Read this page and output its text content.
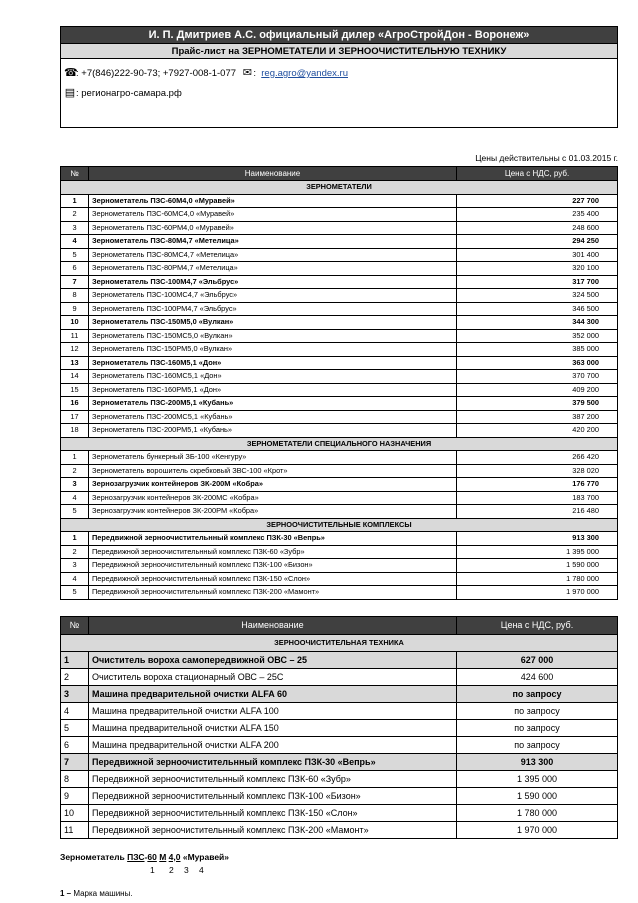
И. П. Дмитриев А.С. официальный дилер «АгроСтройДон - Воронеж»
Прайс-лист на ЗЕРНОМЕТАТЕЛИ И ЗЕРНООЧИСТИТЕЛЬНУЮ ТЕХНИКУ

☎: +7(846)222-90-73; +7927-008-1-077 ✉: reg.agro@yandex.ru
▤: регионагро-самара.рф
Цены действительны с 01.03.2015 г.
№	Наименование	Цена с НДС, руб.
ЗЕРНОМЕТАТЕЛИ		
1	Зернометатель ПЗС-60М4,0 «Муравей»	227 700
2	Зернометатель ПЗС-60МС4,0 «Муравей»	235 400
3	Зернометатель ПЗС-60РМ4,0 «Муравей»	248 600
4	Зернометатель ПЗС-80М4,7 «Метелица»	294 250
5	Зернометатель ПЗС-80МС4,7 «Метелица»	301 400
6	Зернометатель ПЗС-80РМ4,7 «Метелица»	320 100
7	Зернометатель ПЗС-100М4,7 «Эльбрус»	317 700
8	Зернометатель ПЗС-100МС4,7 «Эльбрус»	324 500
9	Зернометатель ПЗС-100РМ4,7 «Эльбрус»	346 500
10	Зернометатель ПЗС-150М5,0 «Вулкан»	344 300
11	Зернометатель ПЗС-150МС5,0 «Вулкан»	352 000
12	Зернометатель ПЗС-150РМ5,0 «Вулкан»	385 000
13	Зернометатель ПЗС-160М5,1 «Дон»	363 000
14	Зернометатель ПЗС-160МС5,1 «Дон»	370 700
15	Зернометатель ПЗС-160РМ5,1 «Дон»	409 200
16	Зернометатель ПЗС-200М5,1 «Кубань»	379 500
17	Зернометатель ПЗС-200МС5,1 «Кубань»	387 200
18	Зернометатель ПЗС-200РМ5,1 «Кубань»	420 200
ЗЕРНОМЕТАТЕЛИ СПЕЦИАЛЬНОГО НАЗНАЧЕНИЯ		
1	Зернометатель бункерный ЗБ-100 «Кенгуру»	266 420
2	Зернометатель ворошитель скребковый ЗВС-100 «Крот»	328 020
3	Зернозагрузчик контейнеров ЗК-200М «Кобра»	176 770
4	Зернозагрузчик контейнеров ЗК-200МС «Кобра»	183 700
5	Зернозагрузчик контейнеров ЗК-200РМ «Кобра»	216 480
ЗЕРНООЧИСТИТЕЛЬНЫЕ КОМПЛЕКСЫ		
1	Передвижной зерноочистительнный комплекс ПЗК-30 «Вепрь»	913 300
2	Передвижной зерноочистительнный комплекс ПЗК-60 «Зубр»	1 395 000
3	Передвижной зерноочистительнный комплекс ПЗК-100 «Бизон»	1 590 000
4	Передвижной зерноочистительнный комплекс ПЗК-150 «Слон»	1 780 000
5	Передвижной зерноочистительнный комплекс ПЗК-200 «Мамонт»	1 970 000
№	Наименование	Цена с НДС, руб.
ЗЕРНООЧИСТИТЕЛЬНАЯ ТЕХНИКА		
1	Очиститель вороха самопередвижной ОВС – 25	627 000
2	Очиститель вороха стационарный ОВС – 25С	424 600
3	Машина предварительной очистки ALFA 60	по запросу
4	Машина предварительной очистки ALFA 100	по запросу
5	Машина предварительной очистки ALFA 150	по запросу
6	Машина предварительной очистки ALFA 200	по запросу
7	Передвижной зерноочистительнный комплекс ПЗК-30 «Вепрь»	913 300
8	Передвижной зерноочистительнный комплекс ПЗК-60 «Зубр»	1 395 000
9	Передвижной зерноочистительнный комплекс ПЗК-100 «Бизон»	1 590 000
10	Передвижной зерноочистительнный комплекс ПЗК-150 «Слон»	1 780 000
11	Передвижной зерноочистительнный комплекс ПЗК-200 «Мамонт»	1 970 000
Зернометатель ПЗС-60 М 4,0 «Муравей»
1 2 3 4
1 – Марка машины.
